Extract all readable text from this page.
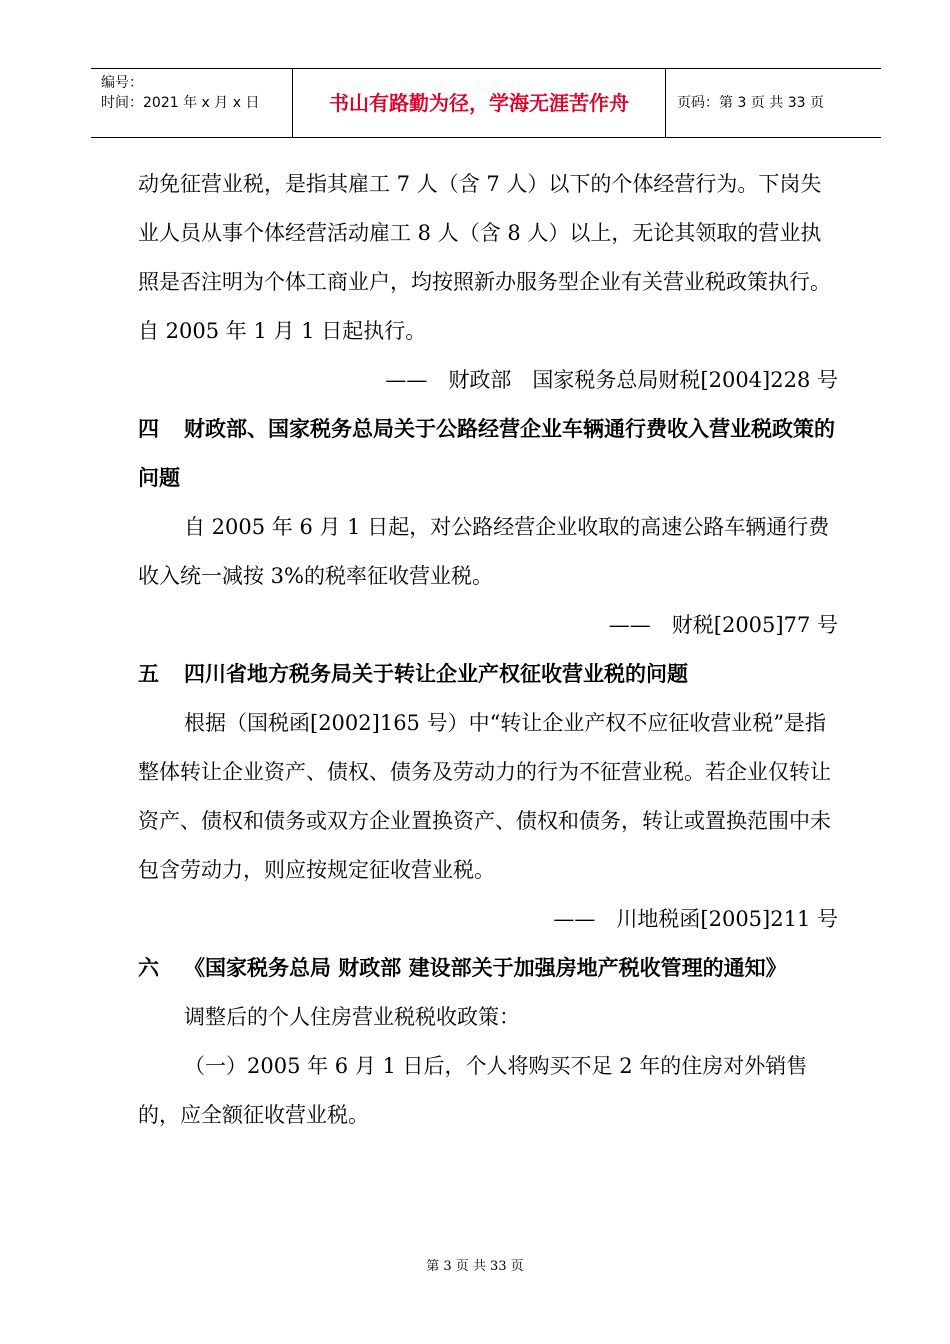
编号：
时间：2021 年 x 月 x 日	书山有路勤为径，学海无涯苦作舟	页码：第 3 页 共 33 页

动免征营业税，是指其雇工 7 人（含 7 人）以下的个体经营行为。下岗失业人员从事个体经营活动雇工 8 人（含 8 人）以上，无论其领取的营业执照是否注明为个体工商业户，均按照新办服务型企业有关营业税政策执行。自 2005 年 1 月 1 日起执行。

——　财政部　国家税务总局财税[2004]228 号

四 财政部、国家税务总局关于公路经营企业车辆通行费收入营业税政策的问题

自 2005 年 6 月 1 日起，对公路经营企业收取的高速公路车辆通行费收入统一减按 3%的税率征收营业税。

——　财税[2005]77 号

五 四川省地方税务局关于转让企业产权征收营业税的问题

根据（国税函[2002]165 号）中“转让企业产权不应征收营业税”是指整体转让企业资产、债权、债务及劳动力的行为不征营业税。若企业仅转让资产、债权和债务或双方企业置换资产、债权和债务，转让或置换范围中未包含劳动力，则应按规定征收营业税。

——　川地税函[2005]211 号

六 《国家税务总局 财政部 建设部关于加强房地产税收管理的通知》

调整后的个人住房营业税税收政策：

（一）2005 年 6 月 1 日后，个人将购买不足 2 年的住房对外销售的，应全额征收营业税。

第 3 页 共 33 页
